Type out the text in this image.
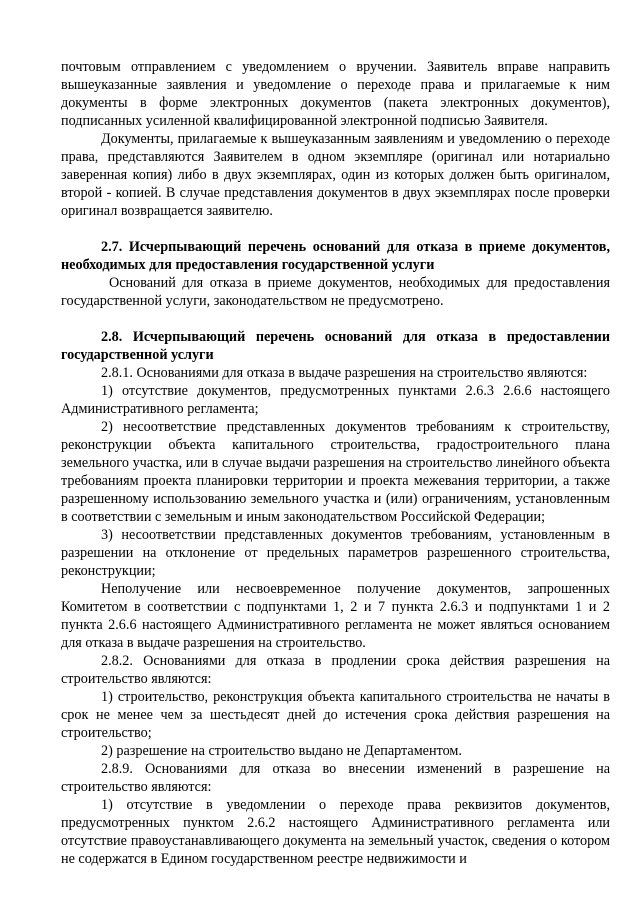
почтовым отправлением с уведомлением о вручении. Заявитель вправе направить вышеуказанные заявления и уведомление о переходе права и прилагаемые к ним документы в форме электронных документов (пакета электронных документов), подписанных усиленной квалифицированной электронной подписью Заявителя.

Документы, прилагаемые к вышеуказанным заявлениям и уведомлению о переходе права, представляются Заявителем в одном экземпляре (оригинал или нотариально заверенная копия) либо в двух экземплярах, один из которых должен быть оригиналом, второй - копией. В случае представления документов в двух экземплярах после проверки оригинал возвращается заявителю.

2.7. Исчерпывающий перечень оснований для отказа в приеме документов, необходимых для предоставления государственной услуги

Оснований для отказа в приеме документов, необходимых для предоставления государственной услуги, законодательством не предусмотрено.

2.8. Исчерпывающий перечень оснований для отказа в предоставлении государственной услуги

2.8.1. Основаниями для отказа в выдаче разрешения на строительство являются:

1) отсутствие документов, предусмотренных пунктами 2.6.3 2.6.6 настоящего Административного регламента;

2) несоответствие представленных документов требованиям к строительству, реконструкции объекта капитального строительства, градостроительного плана земельного участка, или в случае выдачи разрешения на строительство линейного объекта требованиям проекта планировки территории и проекта межевания территории, а также разрешенному использованию земельного участка и (или) ограничениям, установленным в соответствии с земельным и иным законодательством Российской Федерации;

3) несоответствии представленных документов требованиям, установленным в разрешении на отклонение от предельных параметров разрешенного строительства, реконструкции;

Неполучение или несвоевременное получение документов, запрошенных Комитетом в соответствии с подпунктами 1, 2 и 7 пункта 2.6.3 и подпунктами 1 и 2 пункта 2.6.6 настоящего Административного регламента не может являться основанием для отказа в выдаче разрешения на строительство.

2.8.2. Основаниями для отказа в продлении срока действия разрешения на строительство являются:

1) строительство, реконструкция объекта капитального строительства не начаты в срок не менее чем за шестьдесят дней до истечения срока действия разрешения на строительство;

2) разрешение на строительство выдано не Департаментом.

2.8.9. Основаниями для отказа во внесении изменений в разрешение на строительство являются:

1) отсутствие в уведомлении о переходе права реквизитов документов, предусмотренных пунктом 2.6.2 настоящего Административного регламента или отсутствие правоустанавливающего документа на земельный участок, сведения о котором не содержатся в Едином государственном реестре недвижимости и
